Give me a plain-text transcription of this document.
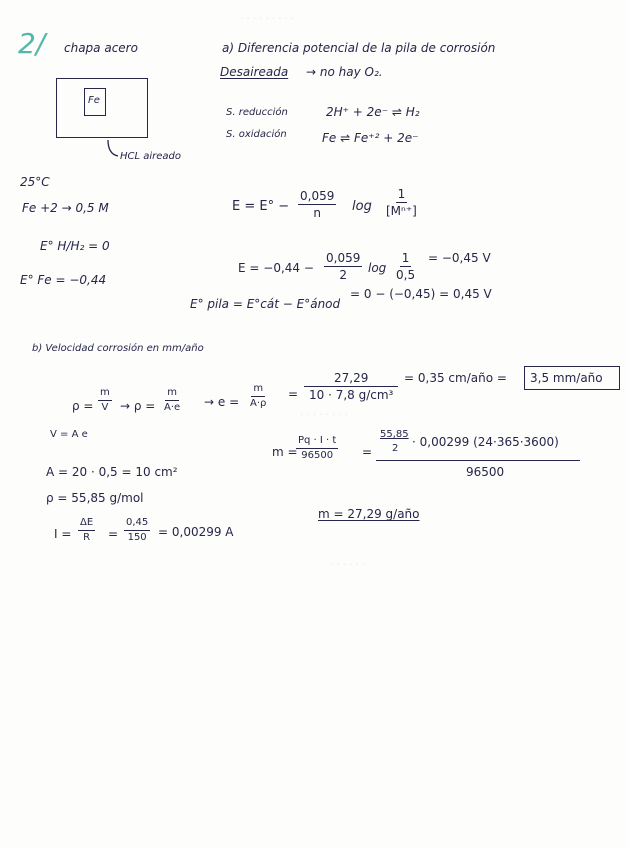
· · · · · · · · ·
· · · · · · · ·
· · · · · ·
2/ chapa acero
Fe
HCL aireado
25°C
Fe +2 → 0,5 M
E° H/H₂ = 0
E° Fe = −0,44
a) Diferencia potencial de la pila de corrosión
Desaireada → no hay O₂.
S. reducción	2H⁺ + 2e⁻ ⇌ H₂
S. oxidación	Fe ⇌ Fe⁺² + 2e⁻
$E = E^\circ - \frac{0,059}{n}$ $\log \frac{1}{\text{[Mⁿ⁺]}}$
$E = -0,44 - \frac{0,059}{2}$ $\log \frac{1}{0,5} = -0,45$ V
E° pila = E°cát − E°ánod
= 0 − (−0,45) = 0,45 V
b) Velocidad corrosión en mm/año
$\rho = \frac{m}{V} \to \rho = \frac{m}{A\cdot e} \to e = \frac{m}{A\cdot\rho} = \frac{27,29}{\text{10 · 7,8 g/cm³}} = 0,35$ cm/año = 3,5 mm/año
V = A e
m =
$\frac{Pq \cdot I \cdot t}{96500}$ =
55,85
2 · 0,00299 (24·365·3600)
96500
A = 20 · 0,5 = 10 cm²
ρ = 55,85 g/mol
m = 27,29 g/año
$I = \frac{\Delta E}{R} = \frac{0,45}{150} = 0,00299$ A
